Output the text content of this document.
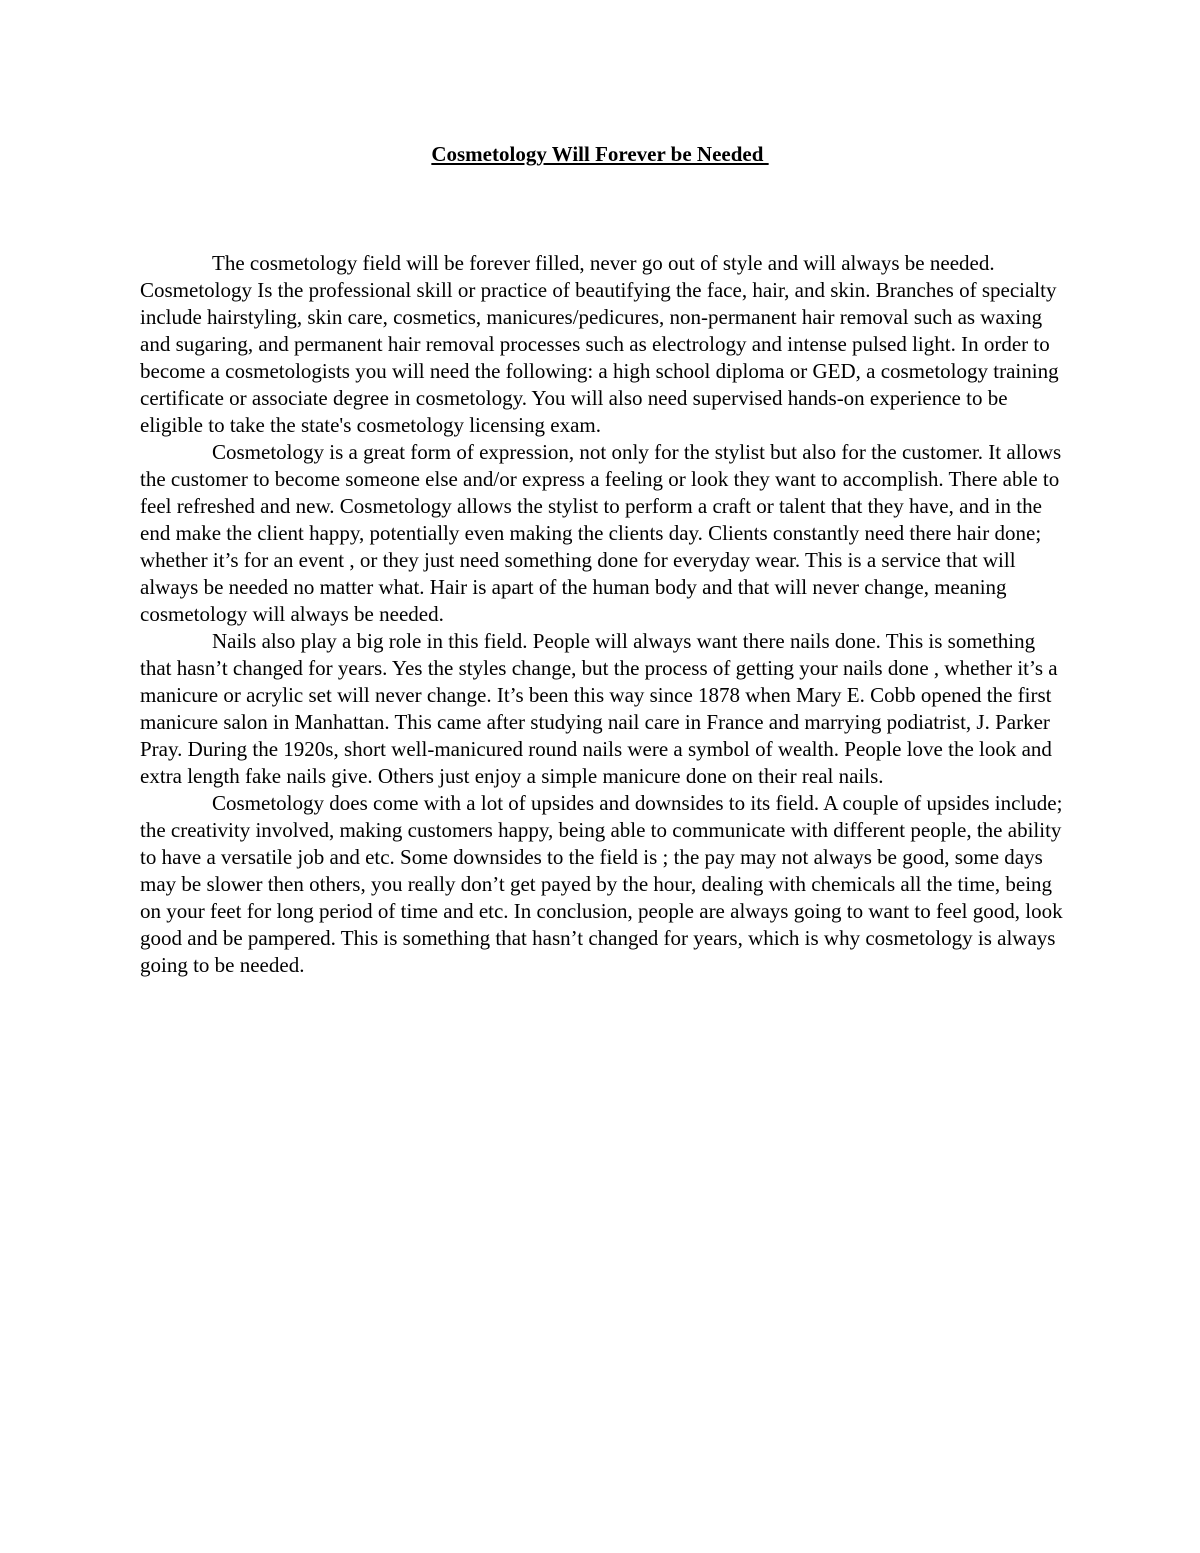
Cosmetology Will Forever be Needed

The cosmetology field will be forever filled, never go out of style and will always be needed. Cosmetology Is the professional skill or practice of beautifying the face, hair, and skin. Branches of specialty include hairstyling, skin care, cosmetics, manicures/pedicures, non-permanent hair removal such as waxing and sugaring, and permanent hair removal processes such as electrology and intense pulsed light. In order to become a cosmetologists you will need the following: a high school diploma or GED, a cosmetology training certificate or associate degree in cosmetology. You will also need supervised hands-on experience to be eligible to take the state's cosmetology licensing exam.

Cosmetology is a great form of expression, not only for the stylist but also for the customer. It allows the customer to become someone else and/or express a feeling or look they want to accomplish. There able to feel refreshed and new. Cosmetology allows the stylist to perform a craft or talent that they have, and in the end make the client happy, potentially even making the clients day. Clients constantly need there hair done; whether it’s for an event , or they just need something done for everyday wear. This is a service that will always be needed no matter what. Hair is apart of the human body and that will never change, meaning cosmetology will always be needed.

Nails also play a big role in this field. People will always want there nails done. This is something that hasn’t changed for years. Yes the styles change, but the process of getting your nails done , whether it’s a manicure or acrylic set will never change. It’s been this way since 1878 when Mary E. Cobb opened the first manicure salon in Manhattan. This came after studying nail care in France and marrying podiatrist, J. Parker Pray. During the 1920s, short well-manicured round nails were a symbol of wealth. People love the look and extra length fake nails give. Others just enjoy a simple manicure done on their real nails.

Cosmetology does come with a lot of upsides and downsides to its field. A couple of upsides include; the creativity involved, making customers happy, being able to communicate with different people, the ability to have a versatile job and etc. Some downsides to the field is ; the pay may not always be good, some days may be slower then others, you really don’t get payed by the hour, dealing with chemicals all the time, being on your feet for long period of time and etc. In conclusion, people are always going to want to feel good, look good and be pampered. This is something that hasn’t changed for years, which is why cosmetology is always going to be needed.
